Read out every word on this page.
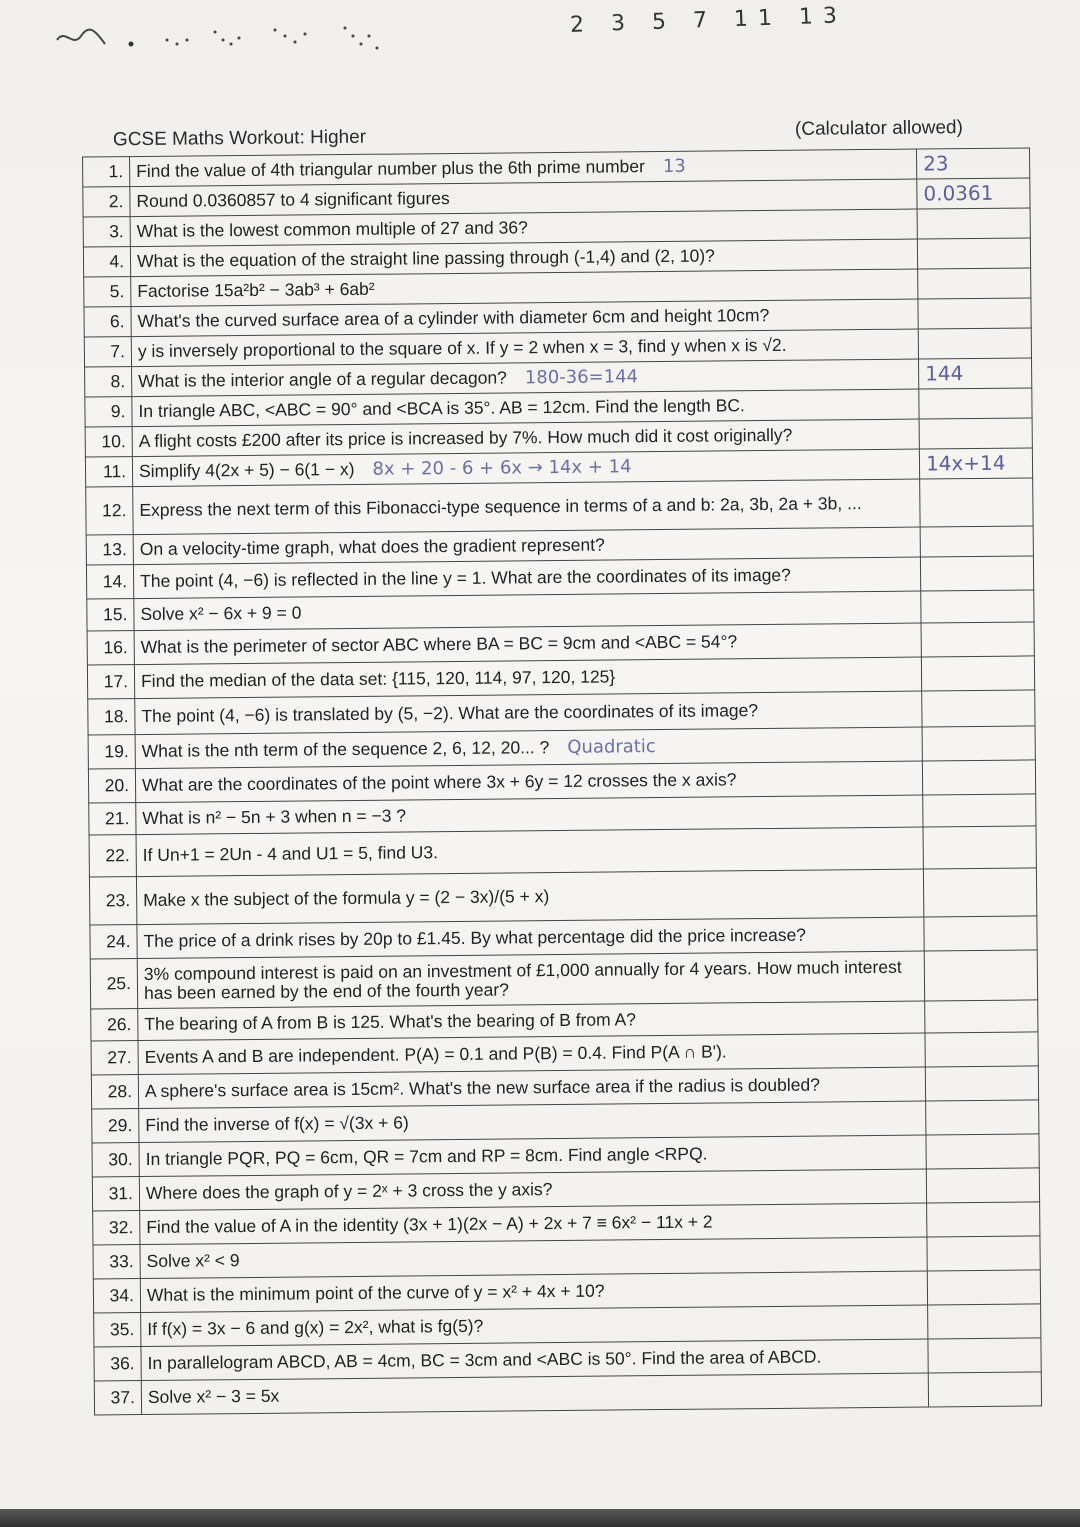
2 3 5 7 11 13
GCSE Maths Workout: Higher	(Calculator allowed)
1.	Find the value of 4th triangular number plus the 6th prime number 13	23
2.	Round 0.0360857 to 4 significant figures	0.0361
3.	What is the lowest common multiple of 27 and 36?	
4.	What is the equation of the straight line passing through (-1,4) and (2, 10)?	
5.	Factorise 15a²b² − 3ab³ + 6ab²	
6.	What's the curved surface area of a cylinder with diameter 6cm and height 10cm?	
7.	y is inversely proportional to the square of x. If y = 2 when x = 3, find y when x is √2.	
8.	What is the interior angle of a regular decagon? 180-36=144	144
9.	In triangle ABC, <ABC = 90° and <BCA is 35°. AB = 12cm. Find the length BC.	
10.	A flight costs £200 after its price is increased by 7%. How much did it cost originally?	
11.	Simplify 4(2x + 5) − 6(1 − x) 8x + 20 - 6 + 6x → 14x + 14	14x+14
12.	Express the next term of this Fibonacci-type sequence in terms of a and b: 2a, 3b, 2a + 3b, ...	
13.	On a velocity-time graph, what does the gradient represent?	
14.	The point (4, −6) is reflected in the line y = 1. What are the coordinates of its image?	
15.	Solve x² − 6x + 9 = 0	
16.	What is the perimeter of sector ABC where BA = BC = 9cm and <ABC = 54°?	
17.	Find the median of the data set: {115, 120, 114, 97, 120, 125}	
18.	The point (4, −6) is translated by (5, −2). What are the coordinates of its image?	
19.	What is the nth term of the sequence 2, 6, 12, 20... ? Quadratic	
20.	What are the coordinates of the point where 3x + 6y = 12 crosses the x axis?	
21.	What is n² − 5n + 3 when n = −3 ?	
22.	If Un+1 = 2Un - 4 and U1 = 5, find U3.	
23.	Make x the subject of the formula y = (2 − 3x)/(5 + x)	
24.	The price of a drink rises by 20p to £1.45. By what percentage did the price increase?	
25.	3% compound interest is paid on an investment of £1,000 annually for 4 years. How much interest has been earned by the end of the fourth year?	
26.	The bearing of A from B is 125. What's the bearing of B from A?	
27.	Events A and B are independent. P(A) = 0.1 and P(B) = 0.4. Find P(A ∩ B').	
28.	A sphere's surface area is 15cm². What's the new surface area if the radius is doubled?	
29.	Find the inverse of f(x) = √(3x + 6)	
30.	In triangle PQR, PQ = 6cm, QR = 7cm and RP = 8cm. Find angle <RPQ.	
31.	Where does the graph of y = 2ˣ + 3 cross the y axis?	
32.	Find the value of A in the identity (3x + 1)(2x − A) + 2x + 7 ≡ 6x² − 11x + 2	
33.	Solve x² < 9	
34.	What is the minimum point of the curve of y = x² + 4x + 10?	
35.	If f(x) = 3x − 6 and g(x) = 2x², what is fg(5)?	
36.	In parallelogram ABCD, AB = 4cm, BC = 3cm and <ABC is 50°. Find the area of ABCD.	
37.	Solve x² − 3 = 5x	
